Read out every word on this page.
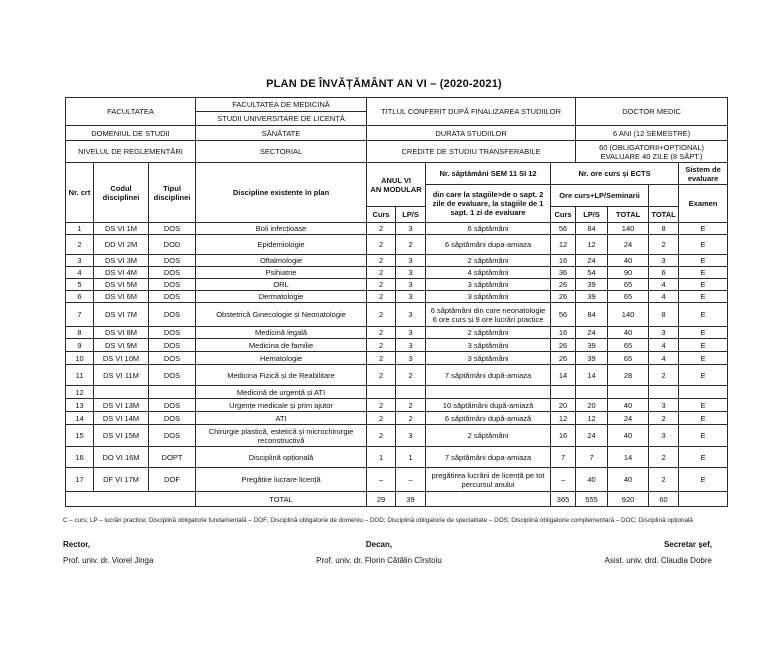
PLAN DE ÎNVĂȚĂMÂNT AN VI – (2020-2021)
FACULTATEA			FACULTATEA DE MEDICINĂ	TITLUL CONFERIT DUPĂ FINALIZAREA STUDIILOR				DOCTOR MEDIC			
			STUDII UNIVERSITARE DE LICENȚĂ								
DOMENIUL DE STUDII			SĂNĂTATE	DURATA STUDIILOR				6 ANI (12 SEMESTRE)			
NIVELUL DE REGLEMENTĂRI			SECTORIAL	CREDITE DE STUDIU TRANSFERABILE				60 (OBLIGATORII+OPȚIONAL)
EVALUARE 40 ZILE (8 SĂPT.)			

Nr. crt	Codul disciplinei	Tipul disciplinei	Discipline existente în plan	ANUL VI
AN MODULAR		Nr. săptămâni SEM 11 SI 12	Nr. ore curs și ECTS				Sistem de evaluare
						din care la stagiile>de o sapt. 2 zile de evaluare, la stagiile de 1 sapt. 1 zi de evaluare	Ore curs+LP/Seminarii				Examen
				Curs	LP/S		Curs	LP/S	TOTAL	TOTAL	
1	DS VI 1M	DOS	Boli infecțioase	2	3	6 săptămâni	56	84	140	8	E
2	DD VI 2M	DOD	Epidemiologie	2	2	6 săptămâni dupa-amiaza	12	12	24	2	E
3	DS VI 3M	DOS	Oftalmologie	2	3	2 săptămâni	16	24	40	3	E
4	DS VI 4M	DOS	Psihiatrie	2	3	4 săptămâni	36	54	90	6	E
5	DS VI 5M	DOS	ORL	2	3	3 săptămâni	26	39	65	4	E
6	DS VI 6M	DOS	Dermatologie	2	3	3 săptămâni	26	39	65	4	E
7	DS VI 7M	DOS	Obstetrică Ginecologie și Neonatologie	2	3	6 săptămâni din care neonatologie 6 ore curs și 9 ore lucrări practice	56	84	140	8	E
8	DS VI 8M	DOS	Medicină legală	2	3	2 săptămâni	16	24	40	3	E
9	DS VI 9M	DOS	Medicina de familie	2	3	3 săptămâni	26	39	65	4	E
10	DS VI 10M	DOS	Hematologie	2	3	3 săptămâni	26	39	65	4	E
11	DS VI 11M	DOS	Medicina Fizică și de Reabilitare	2	2	7 săptămâni după-amiaza	14	14	28	2	E
12			Medicină de urgență și ATI								
13	DS VI 13M	DOS	Urgențe medicale și prim ajutor	2	2	10 săptămâni după-amiază	20	20	40	3	E
14	DS VI 14M	DOS	ATI	2	2	6 săptămâni după-amiază	12	12	24	2	E
15	DS VI 15M	DOS	Chirurgie plastică, estetică și microchirurgie reconstructivă	2	3	2 săptămâni	16	24	40	3	E
16	DO VI 16M	DOPT	Disciplină opțională	1	1	7 săptămâni dupa-amiaza	7	7	14	2	E
17	DF VI 17M	DOF	Pregătire lucrare licență	–	–	pregătirea lucrării de licență pe tot percursul anului	–	40	40	2	E
			TOTAL	29	39		365	555	920	60	
C – curs; LP – lucrări practice; Disciplină obligatorie fundamentală – DOF; Disciplină obligatorie de domeniu – DOD; Disciplină obligatorie de specialitate – DOS; Disciplină obligatorie complementară – DOC; Disciplină opțională
Rector,
Prof. univ. dr. Viorel Jinga
Decan,
Prof. univ. dr. Florin Cătălin Cîrstoiu
Secretar șef,
Asist. univ. drd. Claudia Dobre
